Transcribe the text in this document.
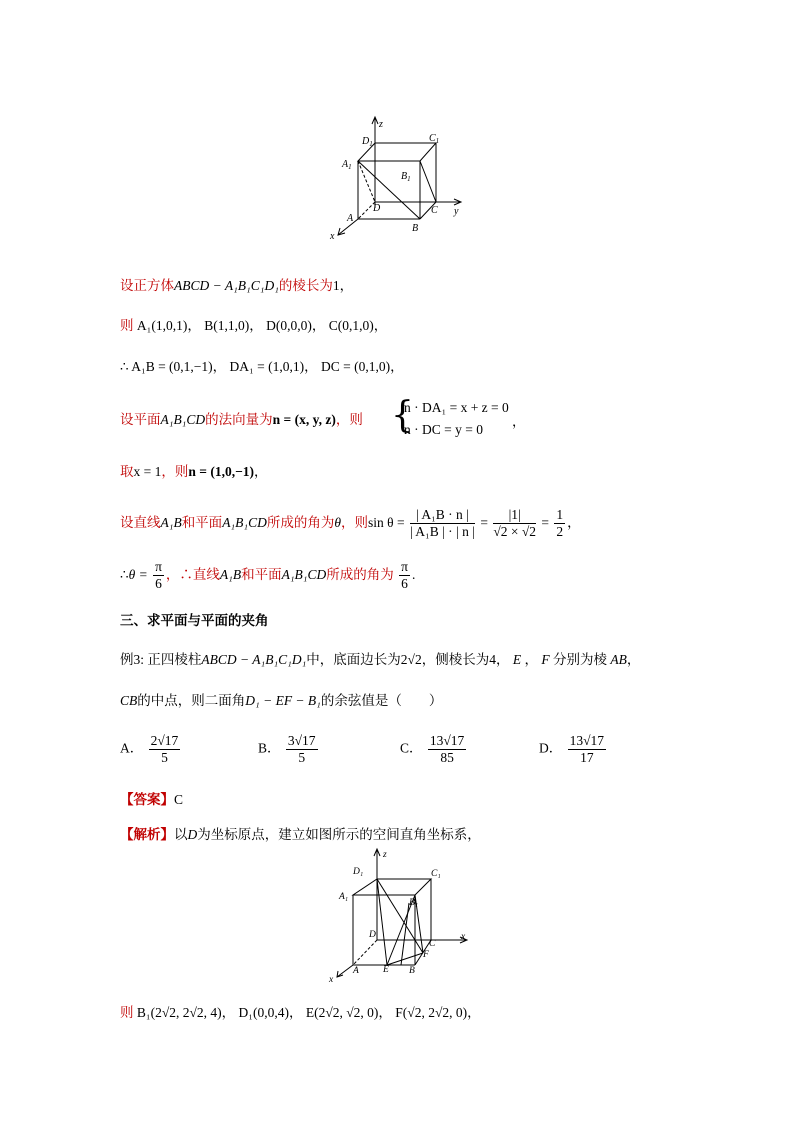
z
$D_1$	$C_1$
$A_1$
$B_1$
D	C y
A
B
x
设正方体ABCD − A₁B₁C₁D₁的棱长为1，
则 A₁(1,0,1)， B(1,1,0)， D(0,0,0)， C(0,1,0)，
∴ A₁B = (0,1,−1)， DA₁ = (1,0,1)， DC = (0,1,0)，
设平面A₁B₁CD的法向量为n = (x, y, z)，则 {
n · DA₁ = x + z = 0
n · DC = y = 0
，
取x = 1，则n = (1,0,−1)，
设直线A₁B和平面A₁B₁CD所成的角为θ，则$\sin \theta = \frac{\text{| A₁B · n |}}{\text{| A₁B | · | n |}} = \frac{|1|}{√2 \times √2} = \frac{1}{2}$ ，
∴θ = $\frac{\pi}{6}$ ，∴直线A₁B和平面A₁B₁CD所成的角为 $\frac{\pi}{6}$ .
三、求平面与平面的夹角
例3: 正四棱柱ABCD − A₁B₁C₁D₁中，底面边长为2√2，侧棱长为4， E ， F 分别为棱 AB，
CB的中点，则二面角D₁ − EF − B₁的余弦值是（　　）
A． $\frac{2√17}{5}$	B． $\frac{3√17}{5}$	C． $\frac{13√17}{85}$	D． $\frac{13√17}{17}$
【答案】C
【解析】以D为坐标原点，建立如图所示的空间直角坐标系，
z
D₁	C₁
A₁
B₁
D
C
x
F
A	E B
x
则 B₁(2√2, 2√2, 4)， D₁(0,0,4)， E(2√2, √2, 0)， F(√2, 2√2, 0)，
